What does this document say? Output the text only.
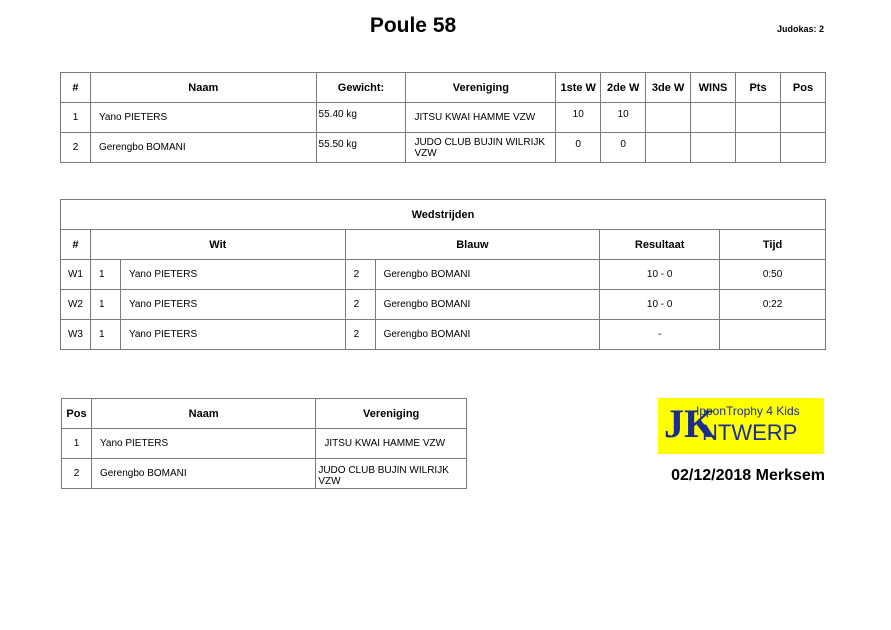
Poule 58	Judokas: 2
#	Naam	Gewicht:	Vereniging	1ste W	2de W	3de W	WINS	Pts	Pos
1	Yano PIETERS	55.40 kg	JITSU KWAI HAMME VZW	10	10				
2	Gerengbo BOMANI	55.50 kg	JUDO CLUB BUJIN WILRIJK VZW	0	0				
Wedstrijden						
#	Wit		Blauw		Resultaat	Tijd
W1	1	Yano PIETERS	2	Gerengbo BOMANI	10 - 0	0:50
W2	1	Yano PIETERS	2	Gerengbo BOMANI	10 - 0	0:22
W3	1	Yano PIETERS	2	Gerengbo BOMANI	-	
Pos	Naam	Vereniging
1	Yano PIETERS	JITSU KWAI HAMME VZW
2	Gerengbo BOMANI	JUDO CLUB BUJIN WILRIJK VZW
JK
IpponTrophy 4 Kids
NTWERP
02/12/2018 Merksem
